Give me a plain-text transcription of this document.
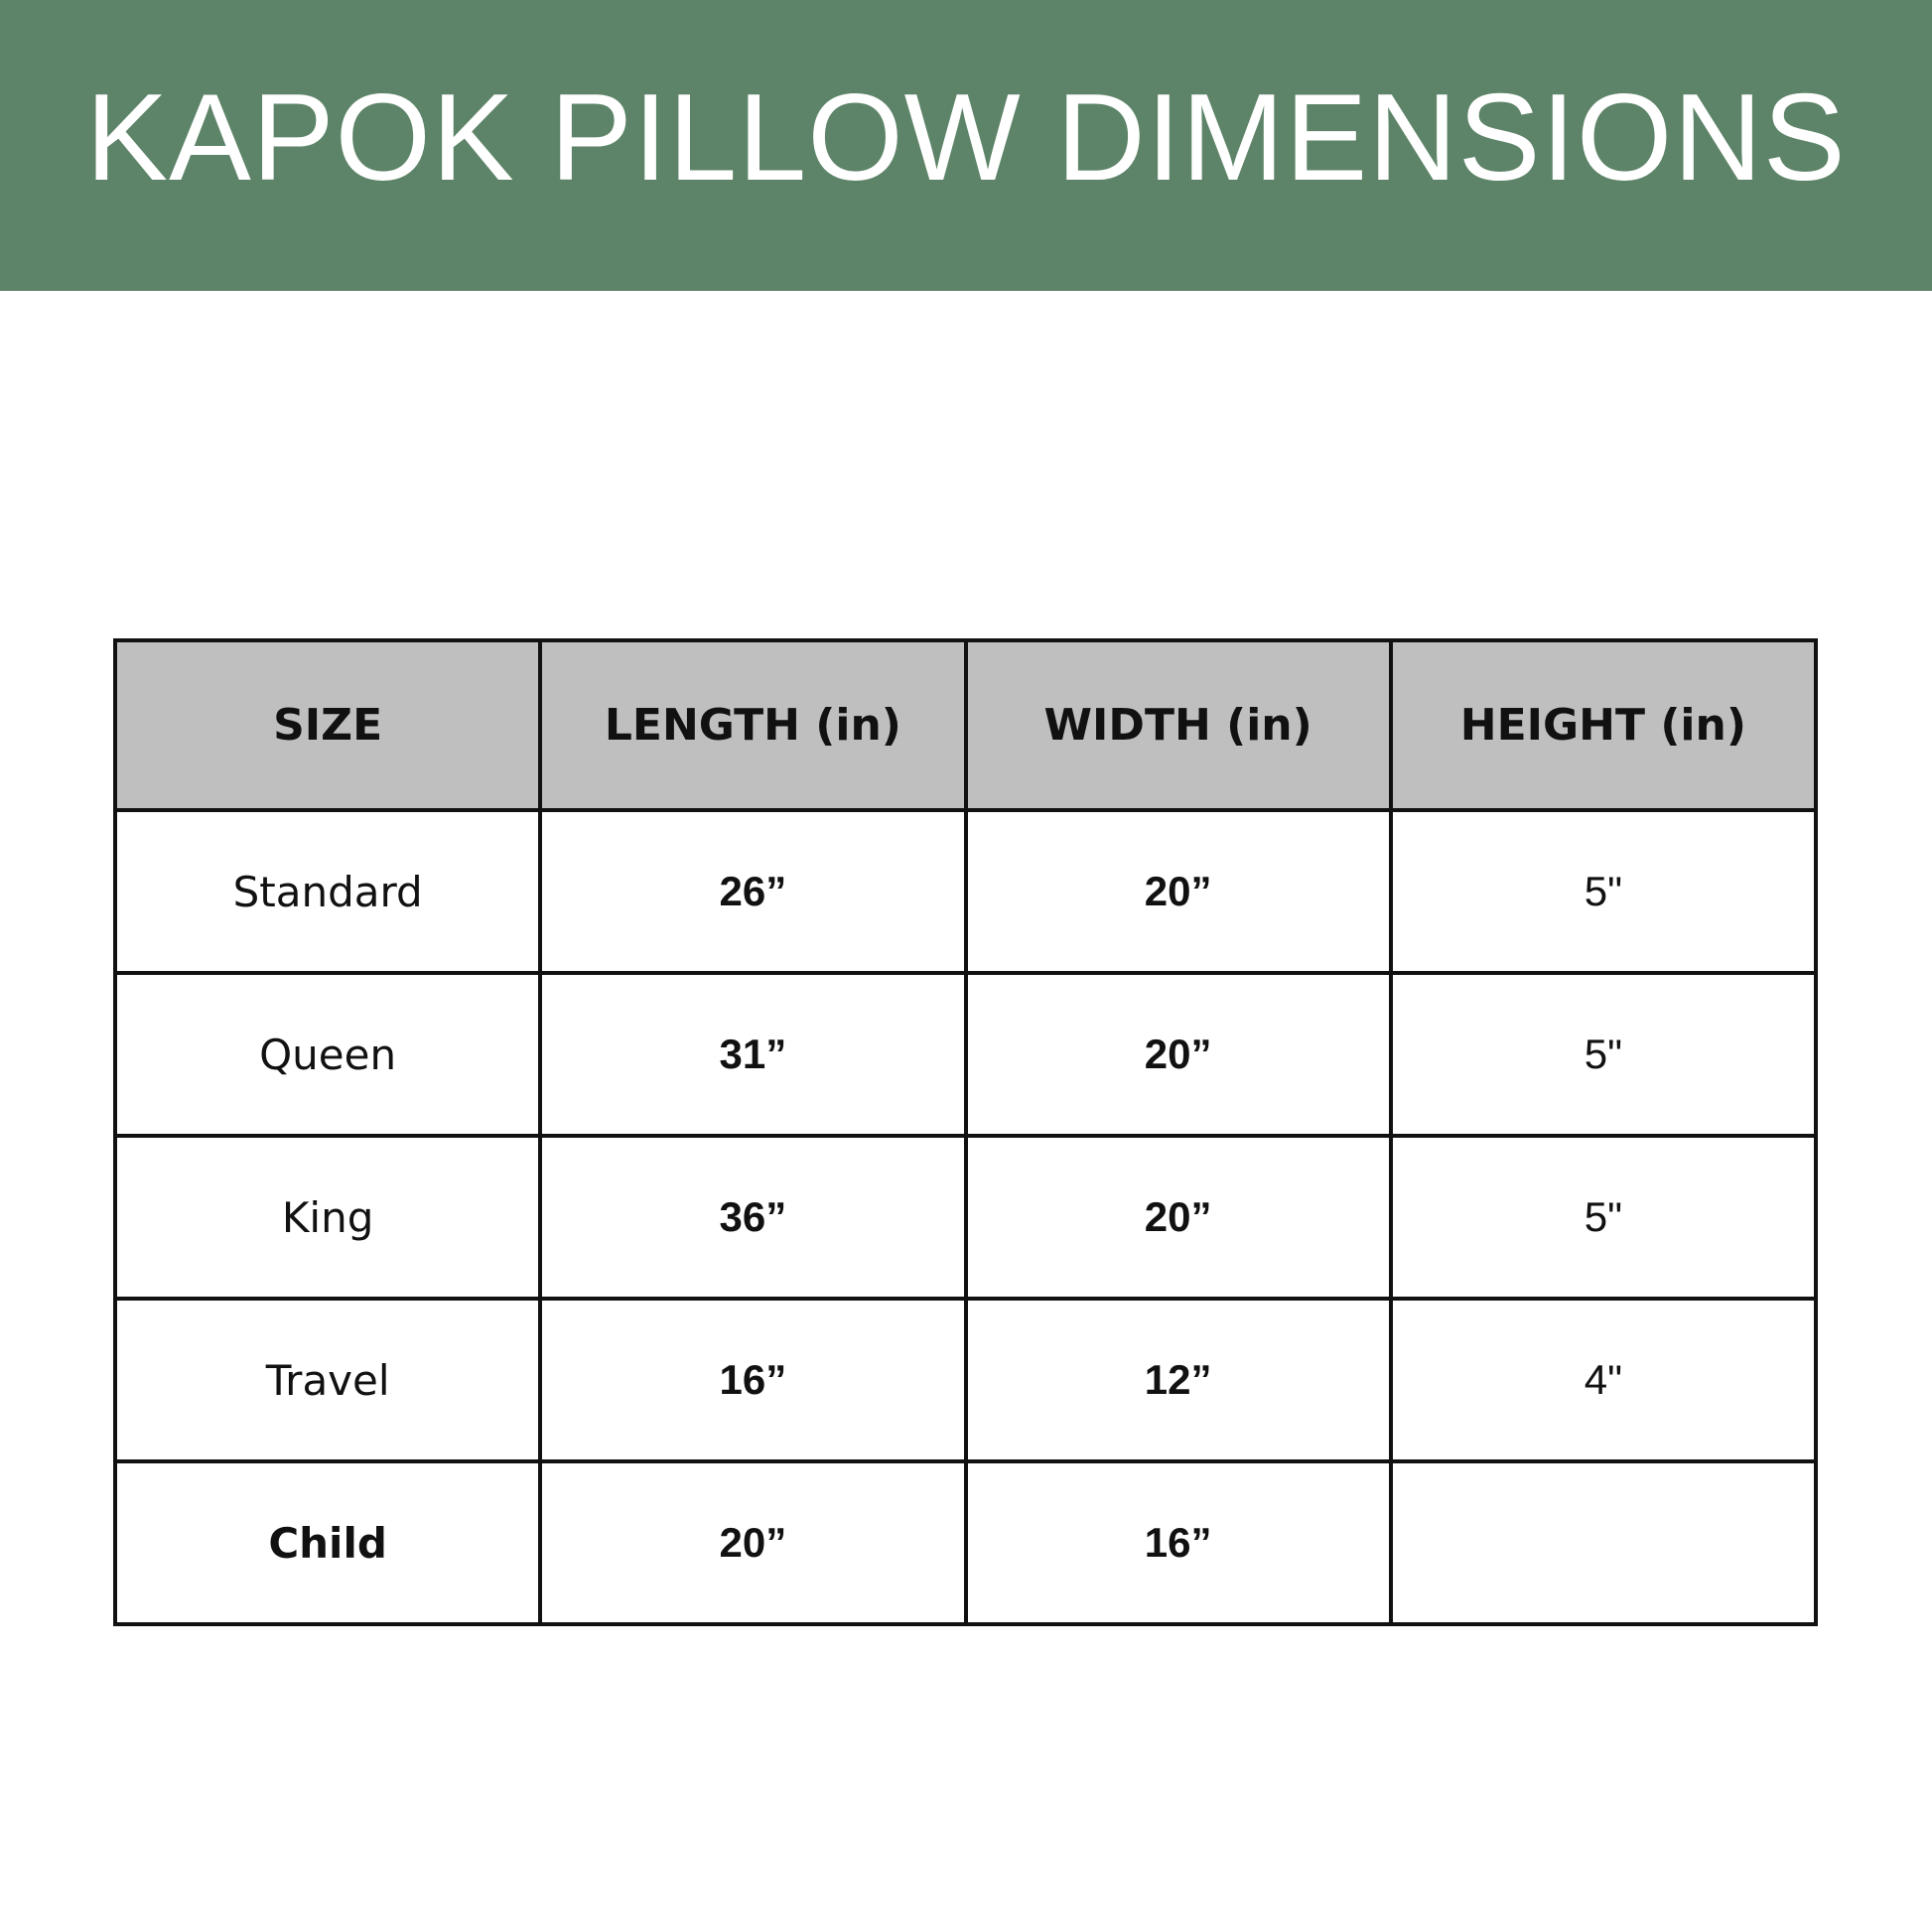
KAPOK PILLOW DIMENSIONS
SIZE	LENGTH (in)	WIDTH (in)	HEIGHT (in)
Standard	26”	20”	5"
Queen	31”	20”	5"
King	36”	20”	5"
Travel	16”	12”	4"
Child	20”	16”	
